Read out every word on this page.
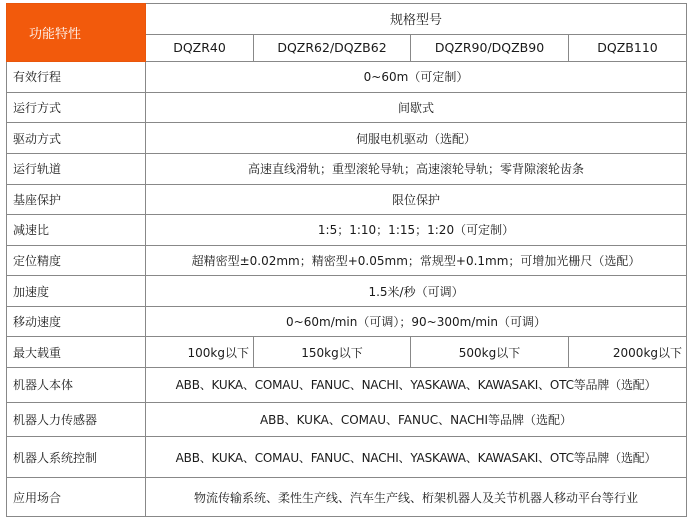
功能特性	规格型号			
	DQZR40	DQZR62/DQZB62	DQZR90/DQZB90	DQZB110
有效行程	0~60m（可定制）			
运行方式	间歇式			
驱动方式	伺服电机驱动（选配）			
运行轨道	高速直线滑轨；重型滚轮导轨；高速滚轮导轨；零背隙滚轮齿条			
基座保护	限位保护			
减速比	1:5；1:10；1:15；1:20（可定制）			
定位精度	超精密型±0.02mm；精密型+0.05mm；常规型+0.1mm；可增加光栅尺（选配）			
加速度	1.5米/秒（可调）			
移动速度	0~60m/min（可调）；90~300m/min（可调）			
最大载重	100kg以下	150kg以下	500kg以下	2000kg以下
机器人本体	ABB、KUKA、COMAU、FANUC、NACHI、YASKAWA、KAWASAKI、OTC等品牌（选配）			
机器人力传感器	ABB、KUKA、COMAU、FANUC、NACHI等品牌（选配）			
机器人系统控制	ABB、KUKA、COMAU、FANUC、NACHI、YASKAWA、KAWASAKI、OTC等品牌（选配）			
应用场合	物流传输系统、柔性生产线、汽车生产线、桁架机器人及关节机器人移动平台等行业			
